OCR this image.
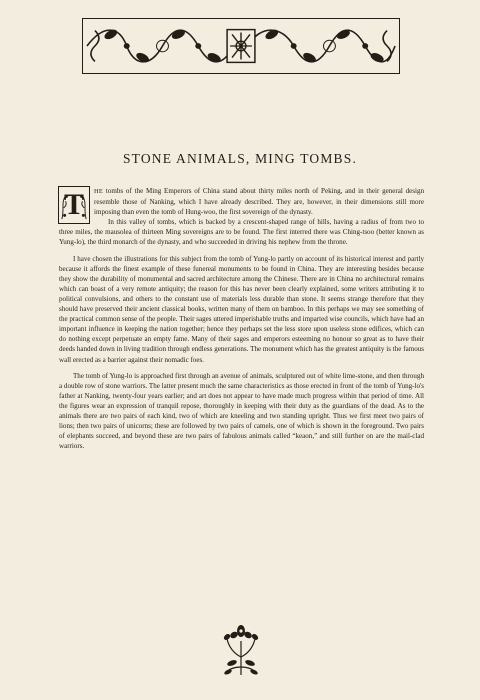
STONE ANIMALS, MING TOMBS.

T	HE tombs of the Ming Emperors of China stand about thirty miles north of Peking, and in their general design resemble those of Nanking, which I have already described. They are, however, in their dimensions still more imposing than even the tomb of Hung-woo, the first sovereign of the dynasty.

In this valley of tombs, which is backed by a crescent-shaped range of hills, having a radius of from two to three miles, the mausolea of thirteen Ming sovereigns are to be found. The first interred there was Ching-tsoo (better known as Yung-lo), the third monarch of the dynasty, and who succeeded in driving his nephew from the throne.

I have chosen the illustrations for this subject from the tomb of Yung-lo partly on account of its historical interest and partly because it affords the finest example of these funereal monuments to be found in China. They are interesting besides because they show the durability of monumental and sacred architecture among the Chinese. There are in China no architectural remains which can boast of a very remote antiquity; the reason for this has never been clearly explained, some writers attributing it to political convulsions, and others to the constant use of materials less durable than stone. It seems strange therefore that they should have preserved their ancient classical books, written many of them on bamboo. In this perhaps we may see something of the practical common sense of the people. Their sages uttered imperishable truths and imparted wise councils, which have had an important influence in keeping the nation together; hence they perhaps set the less store upon useless stone edifices, which can do nothing except perpetuate an empty fame. Many of their sages and emperors esteeming no honour so great as to have their deeds handed down in living tradition through endless generations. The monument which has the greatest antiquity is the famous wall erected as a barrier against their nomadic foes.

The tomb of Yung-lo is approached first through an avenue of animals, sculptured out of white lime-stone, and then through a double row of stone warriors. The latter present much the same characteristics as those erected in front of the tomb of Yung-lo's father at Nanking, twenty-four years earlier; and art does not appear to have made much progress within that period of time. All the figures wear an expression of tranquil repose, thoroughly in keeping with their duty as the guardians of the dead. As to the animals there are two pairs of each kind, two of which are kneeling and two standing upright. Thus we first meet two pairs of lions; then two pairs of unicorns; these are followed by two pairs of camels, one of which is shown in the foreground. Two pairs of elephants succeed, and beyond these are two pairs of fabulous animals called “keaon,” and still further on are the mail-clad warriors.
